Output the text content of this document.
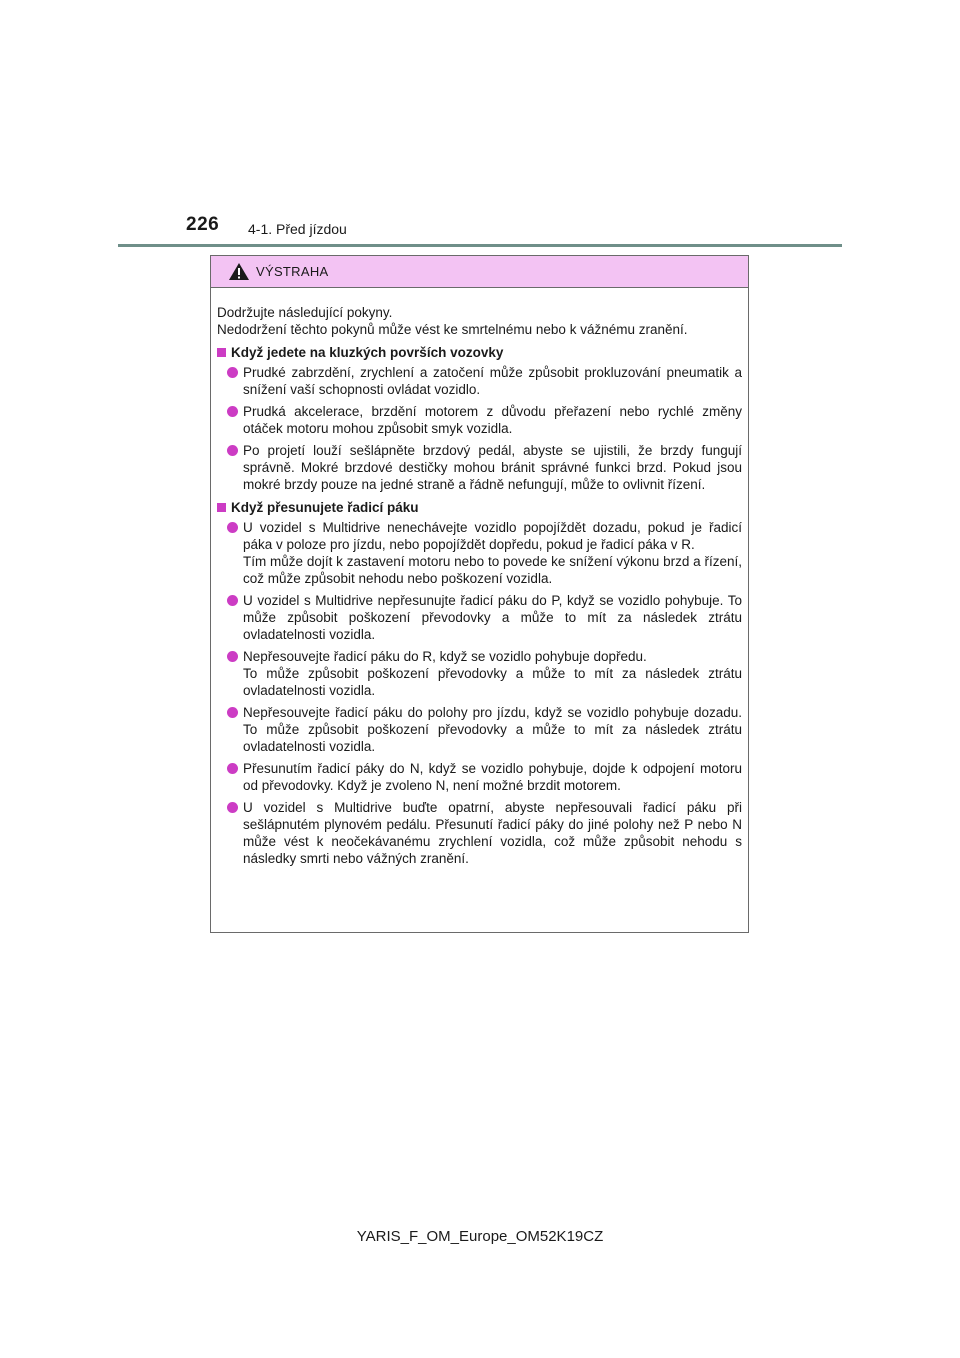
226 4-1. Před jízdou
VÝSTRAHA

Dodržujte následující pokyny.

Nedodržení těchto pokynů může vést ke smrtelnému nebo k vážnému zranění.

Když jedete na kluzkých površích vozovky
Prudké zabrzdění, zrychlení a zatočení může způsobit prokluzování pneumatik a snížení vaší schopnosti ovládat vozidlo.
Prudká akcelerace, brzdění motorem z důvodu přeřazení nebo rychlé změny otáček motoru mohou způsobit smyk vozidla.
Po projetí louží sešlápněte brzdový pedál, abyste se ujistili, že brzdy fungují správně. Mokré brzdové destičky mohou bránit správné funkci brzd. Pokud jsou mokré brzdy pouze na jedné straně a řádně nefungují, může to ovlivnit řízení.
Když přesunujete řadicí páku
U vozidel s Multidrive nenechávejte vozidlo popojíždět dozadu, pokud je řadicí páka v poloze pro jízdu, nebo popojíždět dopředu, pokud je řadicí páka v R.
Tím může dojít k zastavení motoru nebo to povede ke snížení výkonu brzd a řízení, což může způsobit nehodu nebo poškození vozidla.
U vozidel s Multidrive nepřesunujte řadicí páku do P, když se vozidlo pohybuje. To může způsobit poškození převodovky a může to mít za následek ztrátu ovladatelnosti vozidla.
Nepřesouvejte řadicí páku do R, když se vozidlo pohybuje dopředu.
To může způsobit poškození převodovky a může to mít za následek ztrátu ovladatelnosti vozidla.
Nepřesouvejte řadicí páku do polohy pro jízdu, když se vozidlo pohybuje dozadu. To může způsobit poškození převodovky a může to mít za následek ztrátu ovladatelnosti vozidla.
Přesunutím řadicí páky do N, když se vozidlo pohybuje, dojde k odpojení motoru od převodovky. Když je zvoleno N, není možné brzdit motorem.
U vozidel s Multidrive buďte opatrní, abyste nepřesouvali řadicí páku při sešlápnutém plynovém pedálu. Přesunutí řadicí páky do jiné polohy než P nebo N může vést k neočekávanému zrychlení vozidla, což může způsobit nehodu s následky smrti nebo vážných zranění.
YARIS_F_OM_Europe_OM52K19CZ
